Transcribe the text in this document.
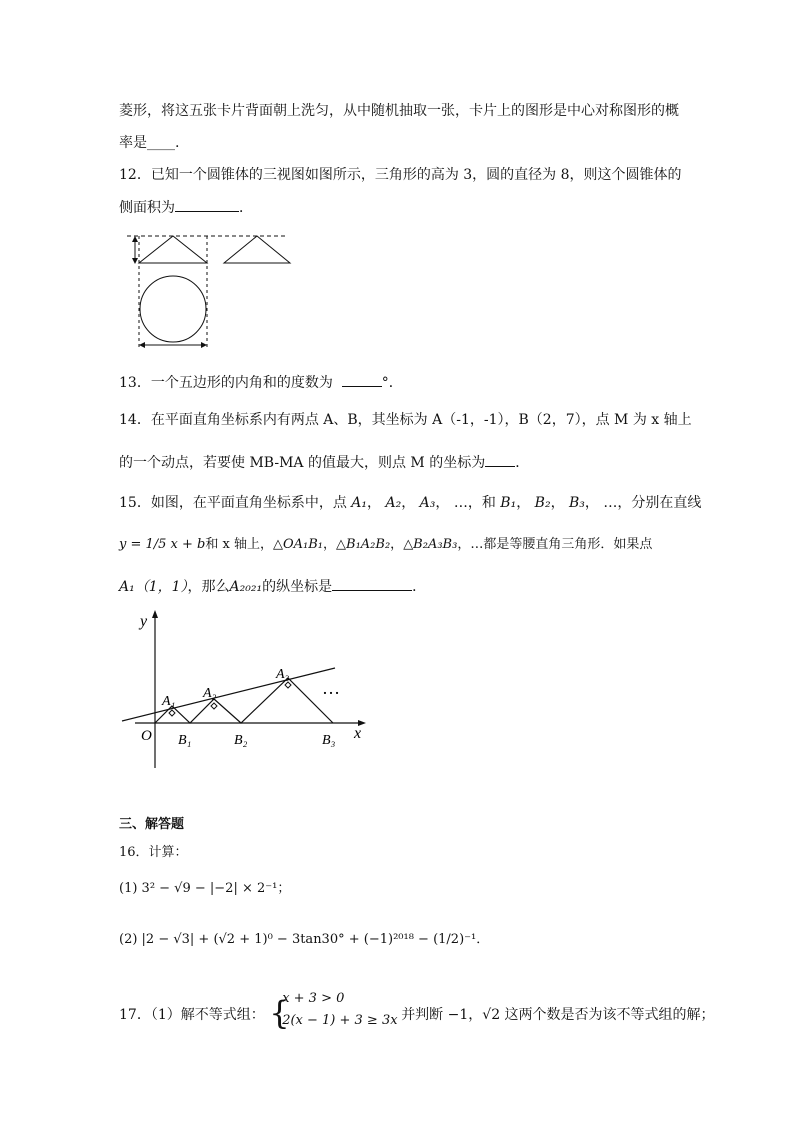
菱形，将这五张卡片背面朝上洗匀，从中随机抽取一张，卡片上的图形是中心对称图形的概
率是____.
12．已知一个圆锥体的三视图如图所示，三角形的高为 3，圆的直径为 8，则这个圆锥体的
侧面积为	．
13．一个五边形的内角和的度数为	°．
14．在平面直角坐标系内有两点 A、B，其坐标为 A（-1，-1），B（2，7），点 M 为 x 轴上
的一个动点，若要使 MB-MA 的值最大，则点 M 的坐标为 ．
15．如图，在平面直角坐标系中，点 A₁， A₂， A₃， …，和 B₁， B₂， B₃， …，分别在直线
y = 1/5 x + b和 x 轴上，△OA₁B₁，△B₁A₂B₂，△B₂A₃B₃，…都是等腰直角三角形．如果点
A₁（1，1），那么A₂₀₂₁的纵坐标是	．
y
x
O
A₁
A₂
A₃
B₁	B₂	B₃
…
三、解答题
16．计算：
(1) 3² − √9 − |−2| × 2⁻¹；
(2) |2 − √3| + (√2 + 1)⁰ − 3tan30° + (−1)²⁰¹⁸ − (1/2)⁻¹．
17．（1）解不等式组： {
x + 3 > 0
2(x − 1) + 3 ≥ 3x 并判断 −1，√2 这两个数是否为该不等式组的解；
